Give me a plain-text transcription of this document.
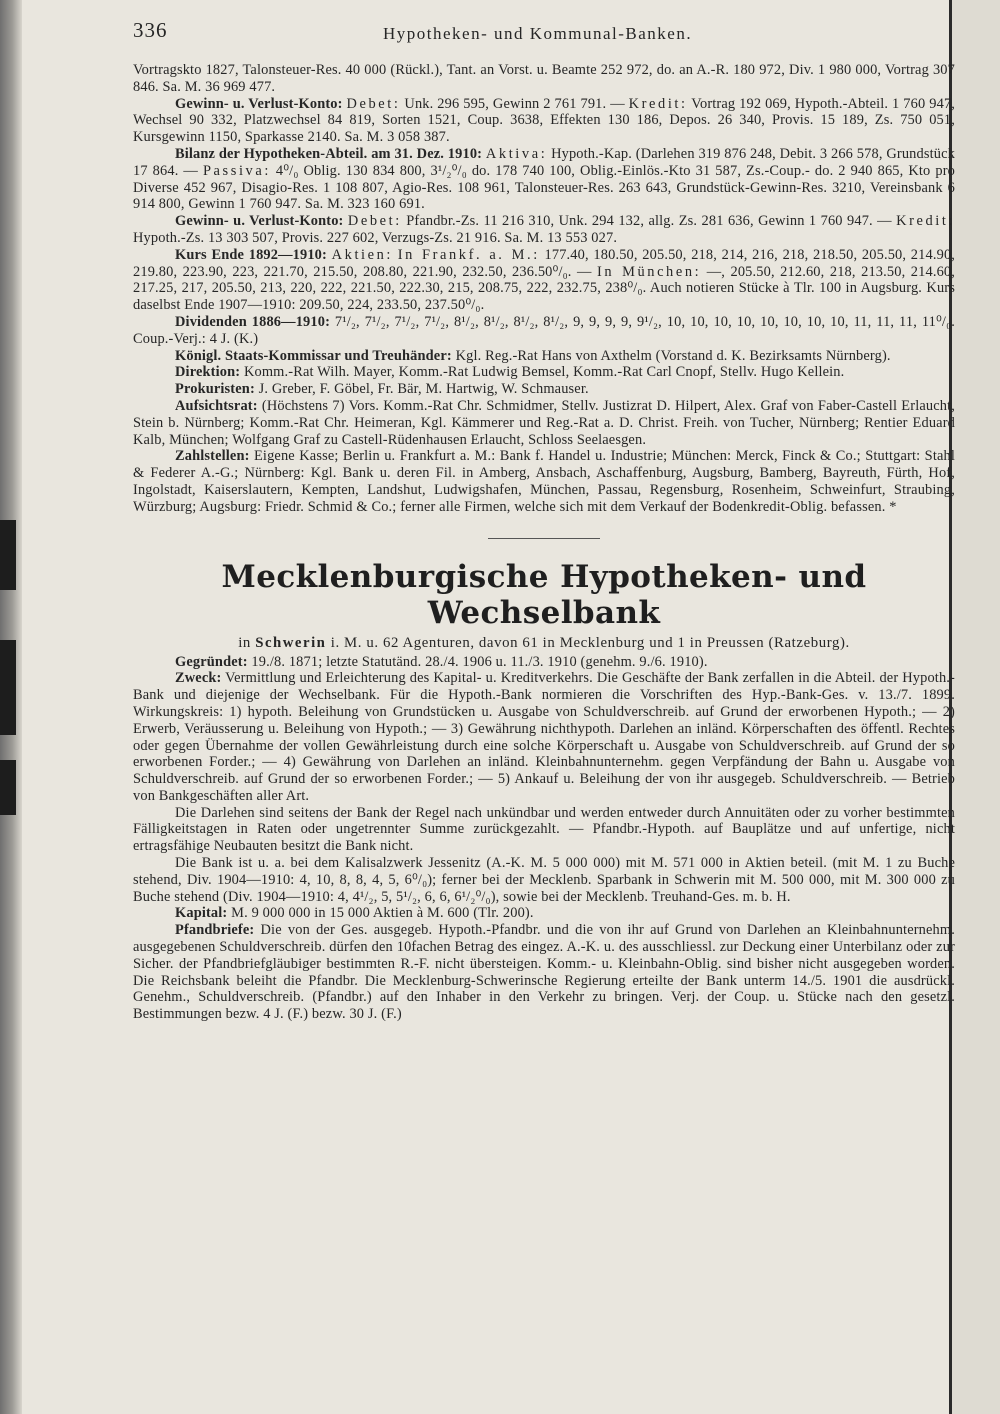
336	Hypotheken- und Kommunal-Banken.

Vortragskto 1827, Talonsteuer-Res. 40 000 (Rückl.), Tant. an Vorst. u. Beamte 252 972, do. an A.-R. 180 972, Div. 1 980 000, Vortrag 307 846. Sa. M. 36 969 477.

Gewinn- u. Verlust-Konto: Debet: Unk. 296 595, Gewinn 2 761 791. — Kredit: Vortrag 192 069, Hypoth.-Abteil. 1 760 947, Wechsel 90 332, Platzwechsel 84 819, Sorten 1521, Coup. 3638, Effekten 130 186, Depos. 26 340, Provis. 15 189, Zs. 750 051, Kursgewinn 1150, Sparkasse 2140. Sa. M. 3 058 387.

Bilanz der Hypotheken-Abteil. am 31. Dez. 1910: Aktiva: Hypoth.-Kap. (Darlehen 319 876 248, Debit. 3 266 578, Grundstück 17 864. — Passiva: 4⁰/₀ Oblig. 130 834 800, 3¹/₂⁰/₀ do. 178 740 100, Oblig.-Einlös.-Kto 31 587, Zs.-Coup.- do. 2 940 865, Kto pro Diverse 452 967, Disagio-Res. 1 108 807, Agio-Res. 108 961, Talonsteuer-Res. 263 643, Grundstück-Gewinn-Res. 3210, Vereinsbank 6 914 800, Gewinn 1 760 947. Sa. M. 323 160 691.

Gewinn- u. Verlust-Konto: Debet: Pfandbr.-Zs. 11 216 310, Unk. 294 132, allg. Zs. 281 636, Gewinn 1 760 947. — Kredit: Hypoth.-Zs. 13 303 507, Provis. 227 602, Verzugs-Zs. 21 916. Sa. M. 13 553 027.

Kurs Ende 1892—1910: Aktien: In Frankf. a. M.: 177.40, 180.50, 205.50, 218, 214, 216, 218, 218.50, 205.50, 214.90, 219.80, 223.90, 223, 221.70, 215.50, 208.80, 221.90, 232.50, 236.50⁰/₀. — In München: —, 205.50, 212.60, 218, 213.50, 214.60, 217.25, 217, 205.50, 213, 220, 222, 221.50, 222.30, 215, 208.75, 222, 232.75, 238⁰/₀. Auch notieren Stücke à Tlr. 100 in Augsburg. Kurs daselbst Ende 1907—1910: 209.50, 224, 233.50, 237.50⁰/₀.

Dividenden 1886—1910: 7¹/₂, 7¹/₂, 7¹/₂, 7¹/₂, 8¹/₂, 8¹/₂, 8¹/₂, 8¹/₂, 9, 9, 9, 9, 9¹/₂, 10, 10, 10, 10, 10, 10, 10, 10, 11, 11, 11, 11⁰/₀. Coup.-Verj.: 4 J. (K.)

Königl. Staats-Kommissar und Treuhänder: Kgl. Reg.-Rat Hans von Axthelm (Vorstand d. K. Bezirksamts Nürnberg).

Direktion: Komm.-Rat Wilh. Mayer, Komm.-Rat Ludwig Bemsel, Komm.-Rat Carl Cnopf, Stellv. Hugo Kellein.

Prokuristen: J. Greber, F. Göbel, Fr. Bär, M. Hartwig, W. Schmauser.

Aufsichtsrat: (Höchstens 7) Vors. Komm.-Rat Chr. Schmidmer, Stellv. Justizrat D. Hilpert, Alex. Graf von Faber-Castell Erlaucht, Stein b. Nürnberg; Komm.-Rat Chr. Heimeran, Kgl. Kämmerer und Reg.-Rat a. D. Christ. Freih. von Tucher, Nürnberg; Rentier Eduard Kalb, München; Wolfgang Graf zu Castell-Rüdenhausen Erlaucht, Schloss Seelaesgen.

Zahlstellen: Eigene Kasse; Berlin u. Frankfurt a. M.: Bank f. Handel u. Industrie; München: Merck, Finck & Co.; Stuttgart: Stahl & Federer A.-G.; Nürnberg: Kgl. Bank u. deren Fil. in Amberg, Ansbach, Aschaffenburg, Augsburg, Bamberg, Bayreuth, Fürth, Hof, Ingolstadt, Kaiserslautern, Kempten, Landshut, Ludwigshafen, München, Passau, Regensburg, Rosenheim, Schweinfurt, Straubing, Würzburg; Augsburg: Friedr. Schmid & Co.; ferner alle Firmen, welche sich mit dem Verkauf der Bodenkredit-Oblig. befassen. *

Mecklenburgische Hypotheken- und Wechselbank
in Schwerin i. M. u. 62 Agenturen, davon 61 in Mecklenburg und 1 in Preussen (Ratzeburg).

Gegründet: 19./8. 1871; letzte Statutänd. 28./4. 1906 u. 11./3. 1910 (genehm. 9./6. 1910).

Zweck: Vermittlung und Erleichterung des Kapital- u. Kreditverkehrs. Die Geschäfte der Bank zerfallen in die Abteil. der Hypoth.-Bank und diejenige der Wechselbank. Für die Hypoth.-Bank normieren die Vorschriften des Hyp.-Bank-Ges. v. 13./7. 1899. Wirkungskreis: 1) hypoth. Beleihung von Grundstücken u. Ausgabe von Schuldverschreib. auf Grund der erworbenen Hypoth.; — 2) Erwerb, Veräusserung u. Beleihung von Hypoth.; — 3) Gewährung nichthypoth. Darlehen an inländ. Körperschaften des öffentl. Rechtes oder gegen Übernahme der vollen Gewährleistung durch eine solche Körperschaft u. Ausgabe von Schuldverschreib. auf Grund der so erworbenen Forder.; — 4) Gewährung von Darlehen an inländ. Kleinbahnunternehm. gegen Verpfändung der Bahn u. Ausgabe von Schuldverschreib. auf Grund der so erworbenen Forder.; — 5) Ankauf u. Beleihung der von ihr ausgegeb. Schuldverschreib. — Betrieb von Bankgeschäften aller Art.

Die Darlehen sind seitens der Bank der Regel nach unkündbar und werden entweder durch Annuitäten oder zu vorher bestimmten Fälligkeitstagen in Raten oder ungetrennter Summe zurückgezahlt. — Pfandbr.-Hypoth. auf Bauplätze und auf unfertige, nicht ertragsfähige Neubauten besitzt die Bank nicht.

Die Bank ist u. a. bei dem Kalisalzwerk Jessenitz (A.-K. M. 5 000 000) mit M. 571 000 in Aktien beteil. (mit M. 1 zu Buche stehend, Div. 1904—1910: 4, 10, 8, 8, 4, 5, 6⁰/₀); ferner bei der Mecklenb. Sparbank in Schwerin mit M. 500 000, mit M. 300 000 zu Buche stehend (Div. 1904—1910: 4, 4¹/₂, 5, 5¹/₂, 6, 6, 6¹/₂⁰/₀), sowie bei der Mecklenb. Treuhand-Ges. m. b. H.

Kapital: M. 9 000 000 in 15 000 Aktien à M. 600 (Tlr. 200).

Pfandbriefe: Die von der Ges. ausgegeb. Hypoth.-Pfandbr. und die von ihr auf Grund von Darlehen an Kleinbahnunternehm. ausgegebenen Schuldverschreib. dürfen den 10fachen Betrag des eingez. A.-K. u. des ausschliessl. zur Deckung einer Unterbilanz oder zur Sicher. der Pfandbriefgläubiger bestimmten R.-F. nicht übersteigen. Komm.- u. Kleinbahn-Oblig. sind bisher nicht ausgegeben worden. Die Reichsbank beleiht die Pfandbr. Die Mecklenburg-Schwerinsche Regierung erteilte der Bank unterm 14./5. 1901 die ausdrückl. Genehm., Schuldverschreib. (Pfandbr.) auf den Inhaber in den Verkehr zu bringen. Verj. der Coup. u. Stücke nach den gesetzl. Bestimmungen bezw. 4 J. (F.) bezw. 30 J. (F.)
